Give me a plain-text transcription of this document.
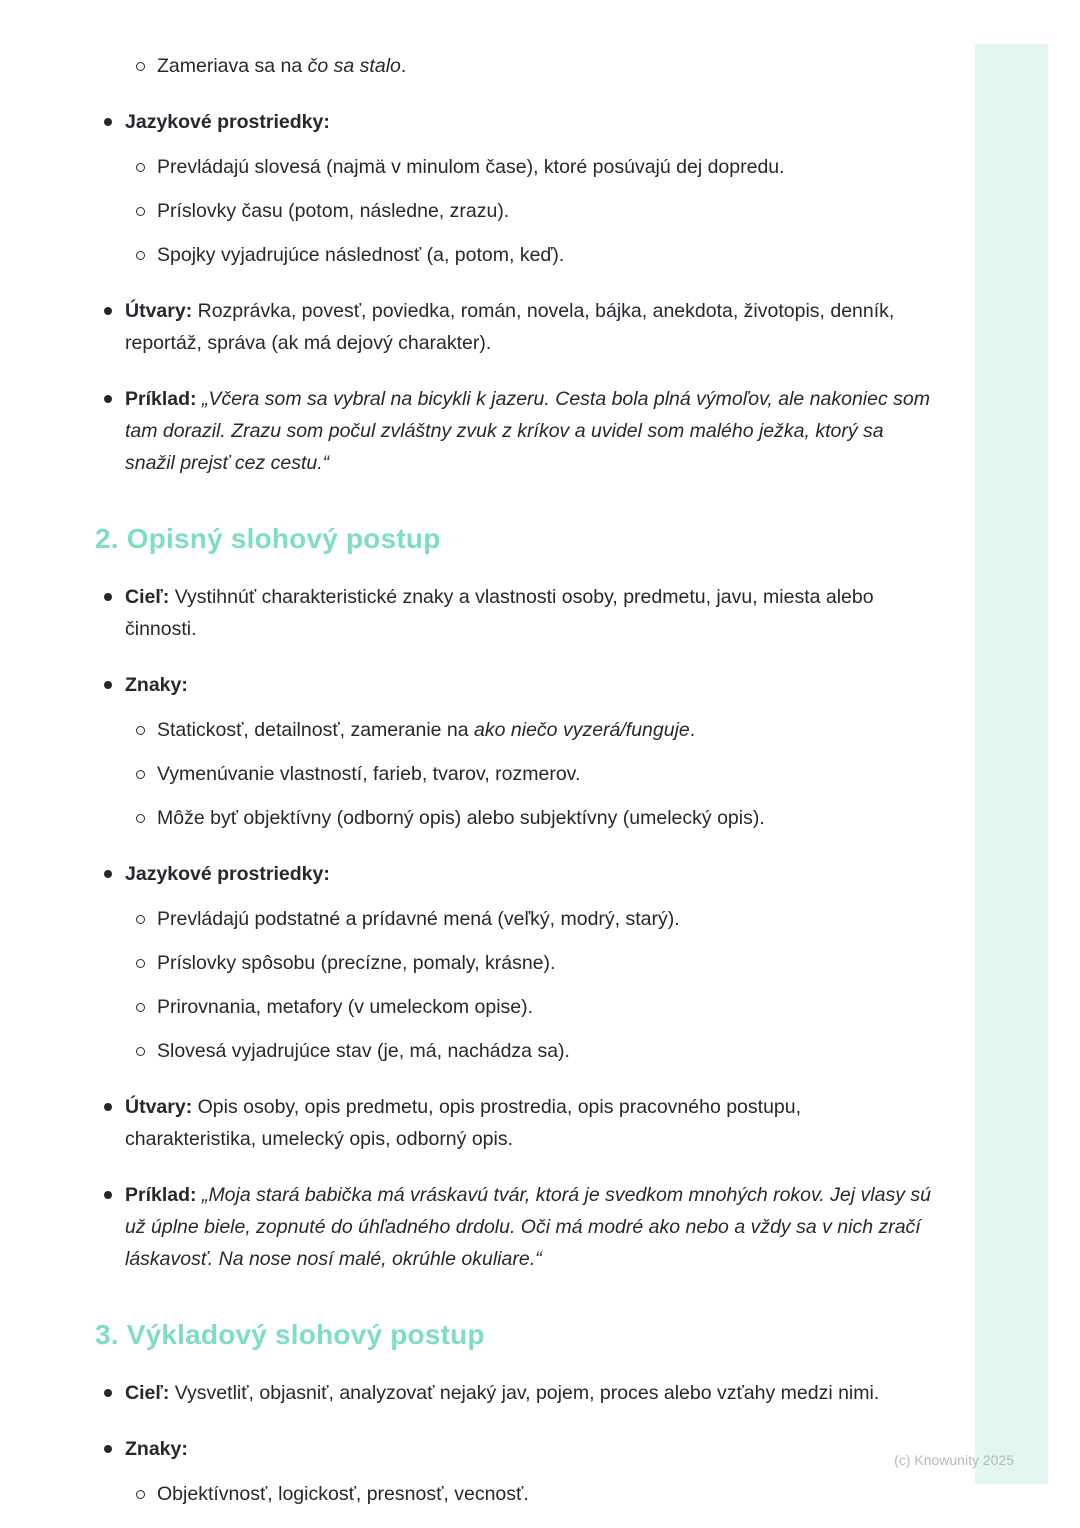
Zameriava sa na čo sa stalo.

Jazykové prostriedky:

Prevládajú slovesá (najmä v minulom čase), ktoré posúvajú dej dopredu.

Príslovky času (potom, následne, zrazu).

Spojky vyjadrujúce následnosť (a, potom, keď).

Útvary: Rozprávka, povesť, poviedka, román, novela, bájka, anekdota, životopis, denník, reportáž, správa (ak má dejový charakter).

Príklad: „Včera som sa vybral na bicykli k jazeru. Cesta bola plná výmoľov, ale nakoniec som tam dorazil. Zrazu som počul zvláštny zvuk z kríkov a uvidel som malého ježka, ktorý sa snažil prejsť cez cestu.“

2. Opisný slohový postup

Cieľ: Vystihnúť charakteristické znaky a vlastnosti osoby, predmetu, javu, miesta alebo činnosti.

Znaky:

Statickosť, detailnosť, zameranie na ako niečo vyzerá/funguje.

Vymenúvanie vlastností, farieb, tvarov, rozmerov.

Môže byť objektívny (odborný opis) alebo subjektívny (umelecký opis).

Jazykové prostriedky:

Prevládajú podstatné a prídavné mená (veľký, modrý, starý).

Príslovky spôsobu (precízne, pomaly, krásne).

Prirovnania, metafory (v umeleckom opise).

Slovesá vyjadrujúce stav (je, má, nachádza sa).

Útvary: Opis osoby, opis predmetu, opis prostredia, opis pracovného postupu, charakteristika, umelecký opis, odborný opis.

Príklad: „Moja stará babička má vráskavú tvár, ktorá je svedkom mnohých rokov. Jej vlasy sú už úplne biele, zopnuté do úhľadného drdolu. Oči má modré ako nebo a vždy sa v nich zračí láskavosť. Na nose nosí malé, okrúhle okuliare.“

3. Výkladový slohový postup

Cieľ: Vysvetliť, objasniť, analyzovať nejaký jav, pojem, proces alebo vzťahy medzi nimi.

Znaky:

Objektívnosť, logickosť, presnosť, vecnosť.

(c) Knowunity 2025
